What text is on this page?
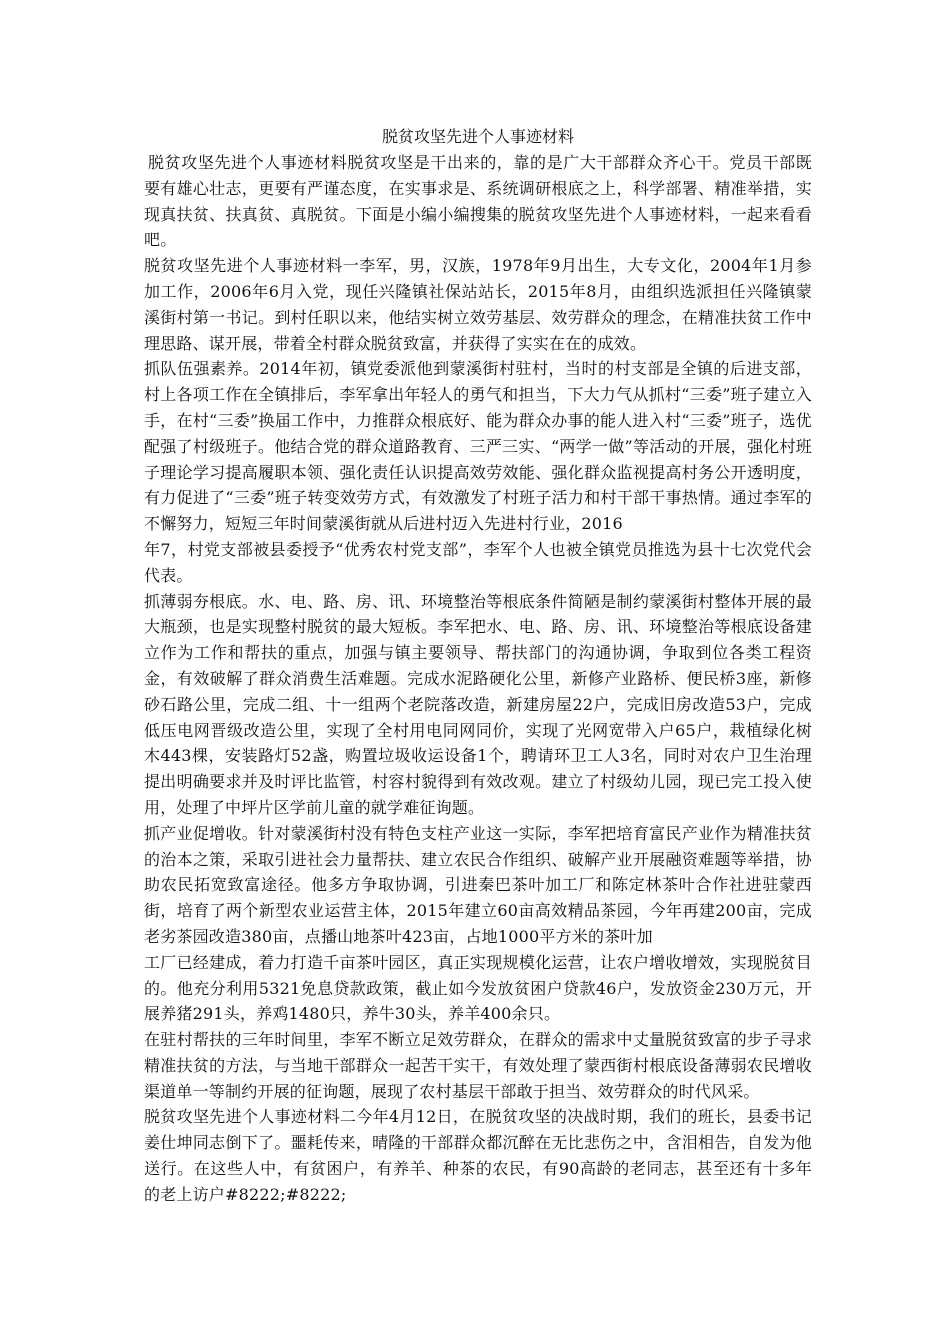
脱贫攻坚先进个人事迹材料

脱贫攻坚先进个人事迹材料脱贫攻坚是干出来的，靠的是广大干部群众齐心干。党员干部既要有雄心壮志，更要有严谨态度，在实事求是、系统调研根底之上，科学部署、精准举措，实现真扶贫、扶真贫、真脱贫。下面是小编小编搜集的脱贫攻坚先进个人事迹材料，一起来看看吧。

脱贫攻坚先进个人事迹材料一李军，男，汉族，1978年9月出生，大专文化，2004年1月参加工作，2006年6月入党，现任兴隆镇社保站站长，2015年8月，由组织选派担任兴隆镇蒙溪街村第一书记。到村任职以来，他结实树立效劳基层、效劳群众的理念，在精准扶贫工作中理思路、谋开展，带着全村群众脱贫致富，并获得了实实在在的成效。

抓队伍强素养。2014年初，镇党委派他到蒙溪街村驻村，当时的村支部是全镇的后进支部，村上各项工作在全镇排后，李军拿出年轻人的勇气和担当，下大力气从抓村“三委”班子建立入手，在村“三委”换届工作中，力推群众根底好、能为群众办事的能人进入村“三委”班子，选优配强了村级班子。他结合党的群众道路教育、三严三实、“两学一做”等活动的开展，强化村班子理论学习提高履职本领、强化责任认识提高效劳效能、强化群众监视提高村务公开透明度，有力促进了“三委”班子转变效劳方式，有效激发了村班子活力和村干部干事热情。通过李军的不懈努力，短短三年时间蒙溪街就从后进村迈入先进村行业，2016

年7，村党支部被县委授予“优秀农村党支部”，李军个人也被全镇党员推选为县十七次党代会代表。

抓薄弱夯根底。水、电、路、房、讯、环境整治等根底条件简陋是制约蒙溪街村整体开展的最大瓶颈，也是实现整村脱贫的最大短板。李军把水、电、路、房、讯、环境整治等根底设备建立作为工作和帮扶的重点，加强与镇主要领导、帮扶部门的沟通协调，争取到位各类工程资金，有效破解了群众消费生活难题。完成水泥路硬化公里，新修产业路桥、便民桥3座，新修砂石路公里，完成二组、十一组两个老院落改造，新建房屋22户，完成旧房改造53户，完成低压电网晋级改造公里，实现了全村用电同网同价，实现了光网宽带入户65户，栽植绿化树木443棵，安装路灯52盏，购置垃圾收运设备1个，聘请环卫工人3名，同时对农户卫生治理提出明确要求并及时评比监管，村容村貌得到有效改观。建立了村级幼儿园，现已完工投入使用，处理了中坪片区学前儿童的就学难征询题。

抓产业促增收。针对蒙溪街村没有特色支柱产业这一实际，李军把培育富民产业作为精准扶贫的治本之策，采取引进社会力量帮扶、建立农民合作组织、破解产业开展融资难题等举措，协助农民拓宽致富途径。他多方争取协调，引进秦巴茶叶加工厂和陈定林茶叶合作社进驻蒙西街，培育了两个新型农业运营主体，2015年建立60亩高效精品茶园，今年再建200亩，完成老劣茶园改造380亩，点播山地茶叶423亩，占地1000平方米的茶叶加

工厂已经建成，着力打造千亩茶叶园区，真正实现规模化运营，让农户增收增效，实现脱贫目的。他充分利用5321免息贷款政策，截止如今发放贫困户贷款46户，发放资金230万元，开展养猪291头，养鸡1480只，养牛30头，养羊400余只。

在驻村帮扶的三年时间里，李军不断立足效劳群众，在群众的需求中丈量脱贫致富的步子寻求精准扶贫的方法，与当地干部群众一起苦干实干，有效处理了蒙西街村根底设备薄弱农民增收渠道单一等制约开展的征询题，展现了农村基层干部敢于担当、效劳群众的时代风采。

脱贫攻坚先进个人事迹材料二今年4月12日，在脱贫攻坚的决战时期，我们的班长，县委书记姜仕坤同志倒下了。噩耗传来，晴隆的干部群众都沉醉在无比悲伤之中，含泪相告，自发为他送行。在这些人中，有贫困户，有养羊、种茶的农民，有90高龄的老同志，甚至还有十多年的老上访户#8222;#8222;
